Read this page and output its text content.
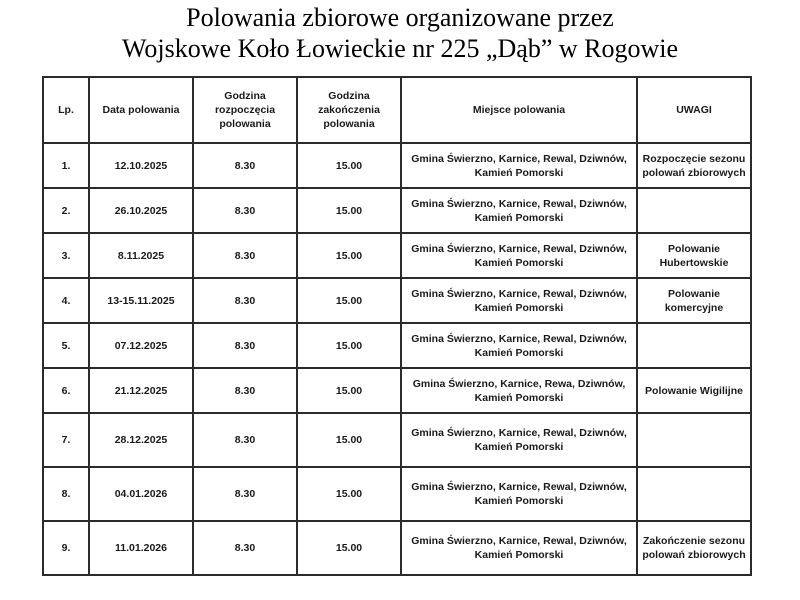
Polowania zbiorowe organizowane przez
Wojskowe Koło Łowieckie nr 225 „Dąb” w Rogowie
Lp.	Data polowania	Godzina rozpoczęcia polowania	Godzina zakończenia polowania	Miejsce polowania	UWAGI
1.	12.10.2025	8.30	15.00	Gmina Świerzno, Karnice, Rewal, Dziwnów, Kamień Pomorski	Rozpoczęcie sezonu polowań zbiorowych
2.	26.10.2025	8.30	15.00	Gmina Świerzno, Karnice, Rewal, Dziwnów, Kamień Pomorski	
3.	8.11.2025	8.30	15.00	Gmina Świerzno, Karnice, Rewal, Dziwnów, Kamień Pomorski	Polowanie Hubertowskie
4.	13-15.11.2025	8.30	15.00	Gmina Świerzno, Karnice, Rewal, Dziwnów, Kamień Pomorski	Polowanie komercyjne
5.	07.12.2025	8.30	15.00	Gmina Świerzno, Karnice, Rewal, Dziwnów, Kamień Pomorski	
6.	21.12.2025	8.30	15.00	Gmina Świerzno, Karnice, Rewa, Dziwnów, Kamień Pomorski	Polowanie Wigilijne
7.	28.12.2025	8.30	15.00	Gmina Świerzno, Karnice, Rewal, Dziwnów, Kamień Pomorski	
8.	04.01.2026	8.30	15.00	Gmina Świerzno, Karnice, Rewal, Dziwnów, Kamień Pomorski	
9.	11.01.2026	8.30	15.00	Gmina Świerzno, Karnice, Rewal, Dziwnów, Kamień Pomorski	Zakończenie sezonu polowań zbiorowych
